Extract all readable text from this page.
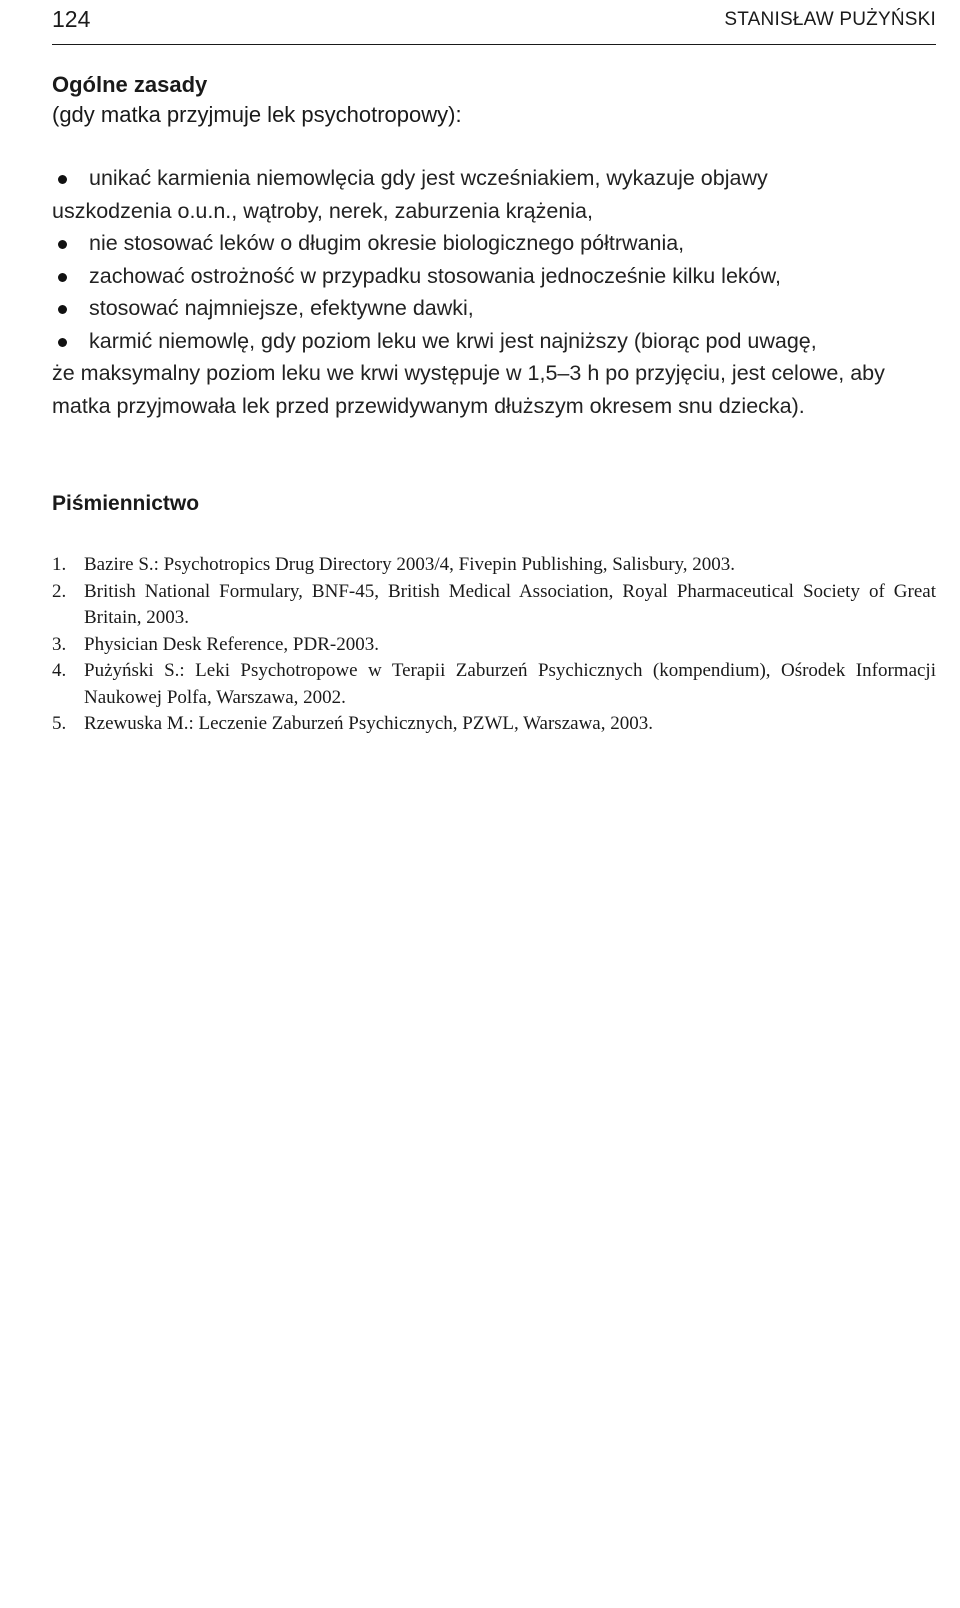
124	STANISŁAW PUŻYŃSKI
Ogólne zasady
(gdy matka przyjmuje lek psychotropowy):
unikać karmienia niemowlęcia gdy jest wcześniakiem, wykazuje objawy
uszkodzenia o.u.n., wątroby, nerek, zaburzenia krążenia,
nie stosować leków o długim okresie biologicznego półtrwania,
zachować ostrożność w przypadku stosowania jednocześnie kilku leków,
stosować najmniejsze, efektywne dawki,
karmić niemowlę, gdy poziom leku we krwi jest najniższy (biorąc pod uwagę,
że maksymalny poziom leku we krwi występuje w 1,5–3 h po przyjęciu, jest celowe, aby matka przyjmowała lek przed przewidywanym dłuższym okresem snu dziecka).
Piśmiennictwo
1. Bazire S.: Psychotropics Drug Directory 2003/4, Fivepin Publishing, Salisbury, 2003.
2. British National Formulary, BNF-45, British Medical Association, Royal Pharmaceutical Society of Great Britain, 2003.
3. Physician Desk Reference, PDR-2003.
4. Pużyński S.: Leki Psychotropowe w Terapii Zaburzeń Psychicznych (kompendium), Ośrodek Informacji Naukowej Polfa, Warszawa, 2002.
5. Rzewuska M.: Leczenie Zaburzeń Psychicznych, PZWL, Warszawa, 2003.
